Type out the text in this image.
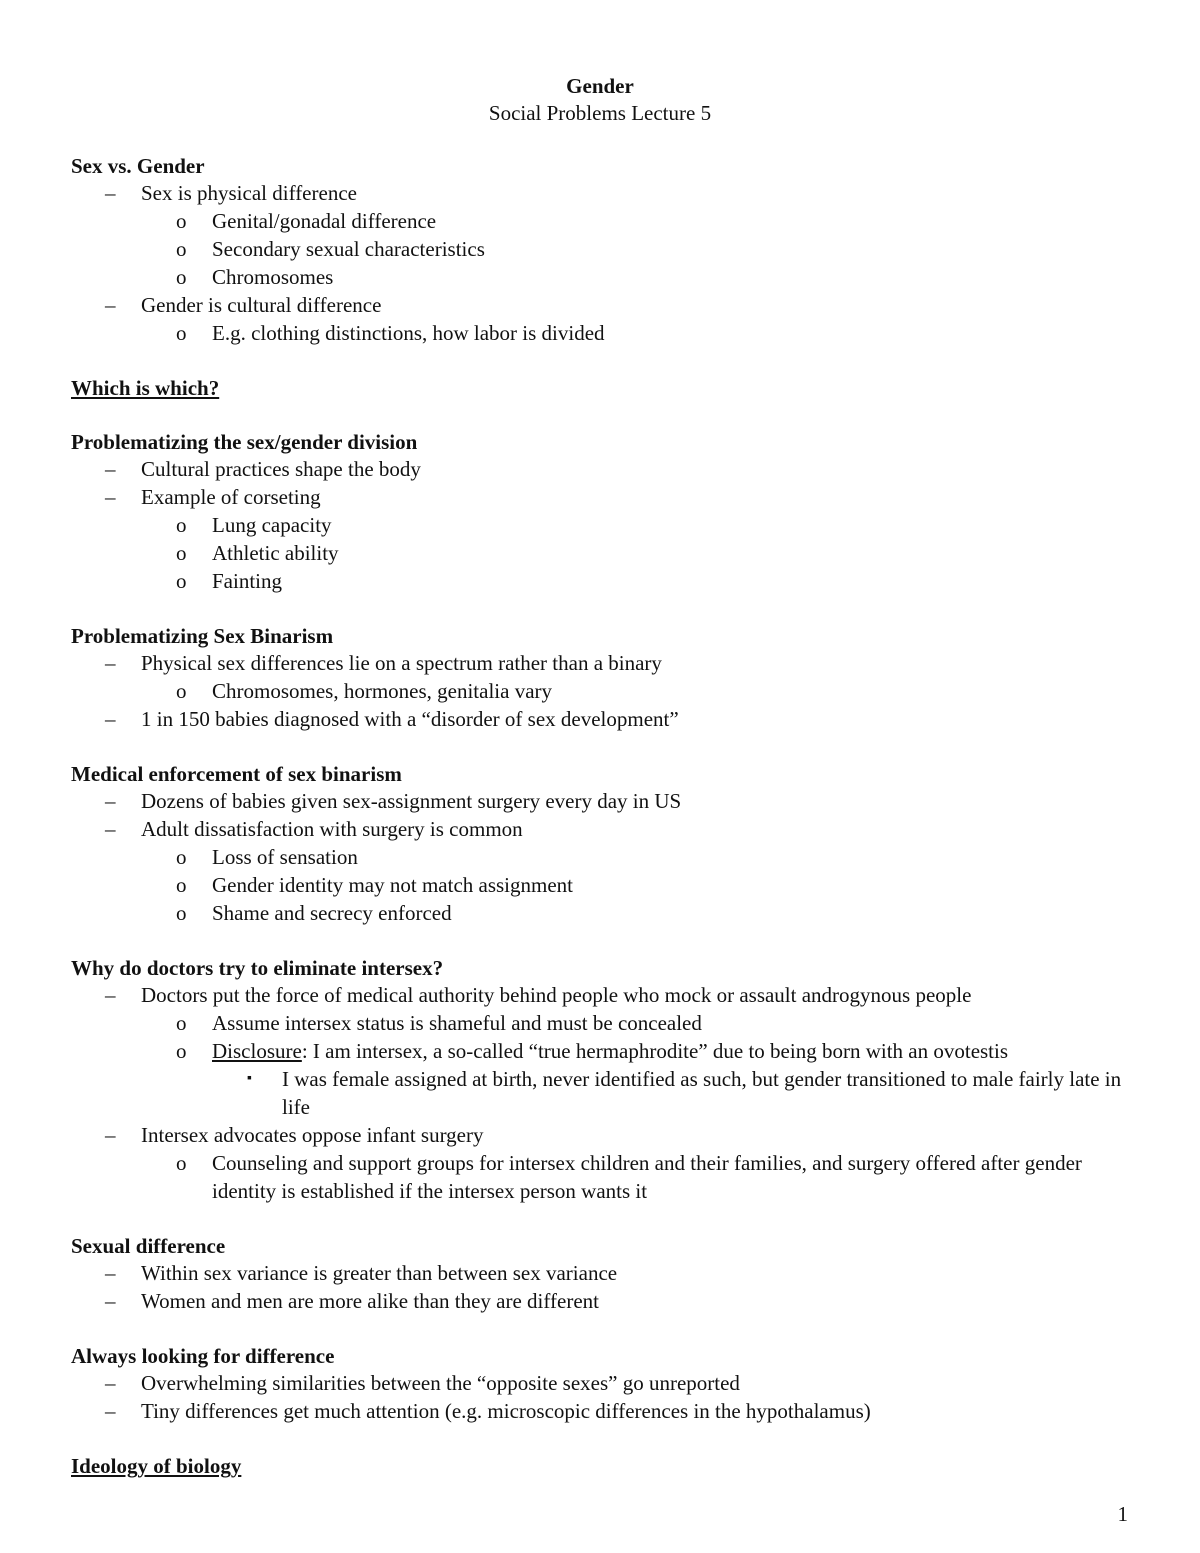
Gender
Social Problems Lecture 5
Sex vs. Gender
– Sex is physical difference
o Genital/gonadal difference
o Secondary sexual characteristics
o Chromosomes
– Gender is cultural difference
o E.g. clothing distinctions, how labor is divided
Which is which?
Problematizing the sex/gender division
– Cultural practices shape the body
– Example of corseting
o Lung capacity
o Athletic ability
o Fainting
Problematizing Sex Binarism
– Physical sex differences lie on a spectrum rather than a binary
o Chromosomes, hormones, genitalia vary
– 1 in 150 babies diagnosed with a “disorder of sex development”
Medical enforcement of sex binarism
– Dozens of babies given sex-assignment surgery every day in US
– Adult dissatisfaction with surgery is common
o Loss of sensation
o Gender identity may not match assignment
o Shame and secrecy enforced
Why do doctors try to eliminate intersex?
– Doctors put the force of medical authority behind people who mock or assault androgynous people
o Assume intersex status is shameful and must be concealed
o Disclosure: I am intersex, a so-called “true hermaphrodite” due to being born with an ovotestis
▪ I was female assigned at birth, never identified as such, but gender transitioned to male fairly late in life
– Intersex advocates oppose infant surgery
o Counseling and support groups for intersex children and their families, and surgery offered after gender identity is established if the intersex person wants it
Sexual difference
– Within sex variance is greater than between sex variance
– Women and men are more alike than they are different
Always looking for difference
– Overwhelming similarities between the “opposite sexes” go unreported
– Tiny differences get much attention (e.g. microscopic differences in the hypothalamus)
Ideology of biology
1
